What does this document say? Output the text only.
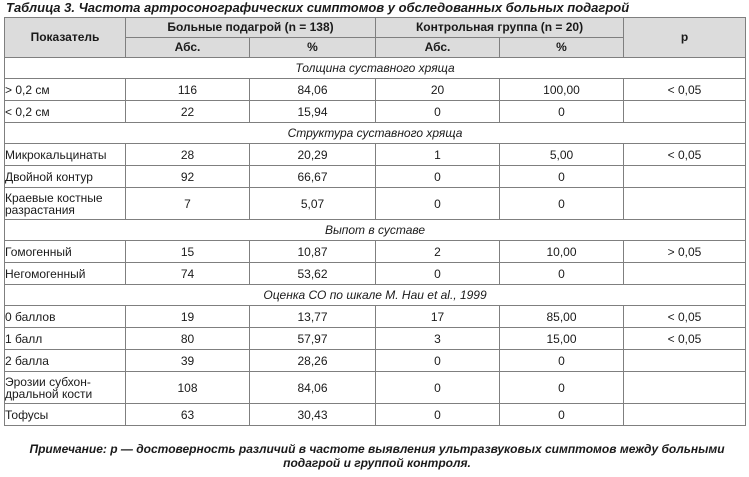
Таблица 3. Частота артросонографических симптомов у обследованных больных подагрой
Показатель	Больные подагрой (n = 138)		Контрольная группа (n = 20)		p
	Абс.	%	Абс.	%	
Толщина суставного хряща					
> 0,2 см	116	84,06	20	100,00	< 0,05
< 0,2 см	22	15,94	0	0	
Структура суставного хряща					
Микрокальцинаты	28	20,29	1	5,00	< 0,05
Двойной контур	92	66,67	0	0	
Краевые костные разрастания	7	5,07	0	0	
Выпот в суставе					
Гомогенный	15	10,87	2	10,00	> 0,05
Негомогенный	74	53,62	0	0	
Оценка СО по шкале M. Hau et al., 1999					
0 баллов	19	13,77	17	85,00	< 0,05
1 балл	80	57,97	3	15,00	< 0,05
2 балла	39	28,26	0	0	
Эрозии субхон- дральной кости	108	84,06	0	0	
Тофусы	63	30,43	0	0	
Примечание: p — достоверность различий в частоте выявления ультразвуковых симптомов между больными подагрой и группой контроля.
